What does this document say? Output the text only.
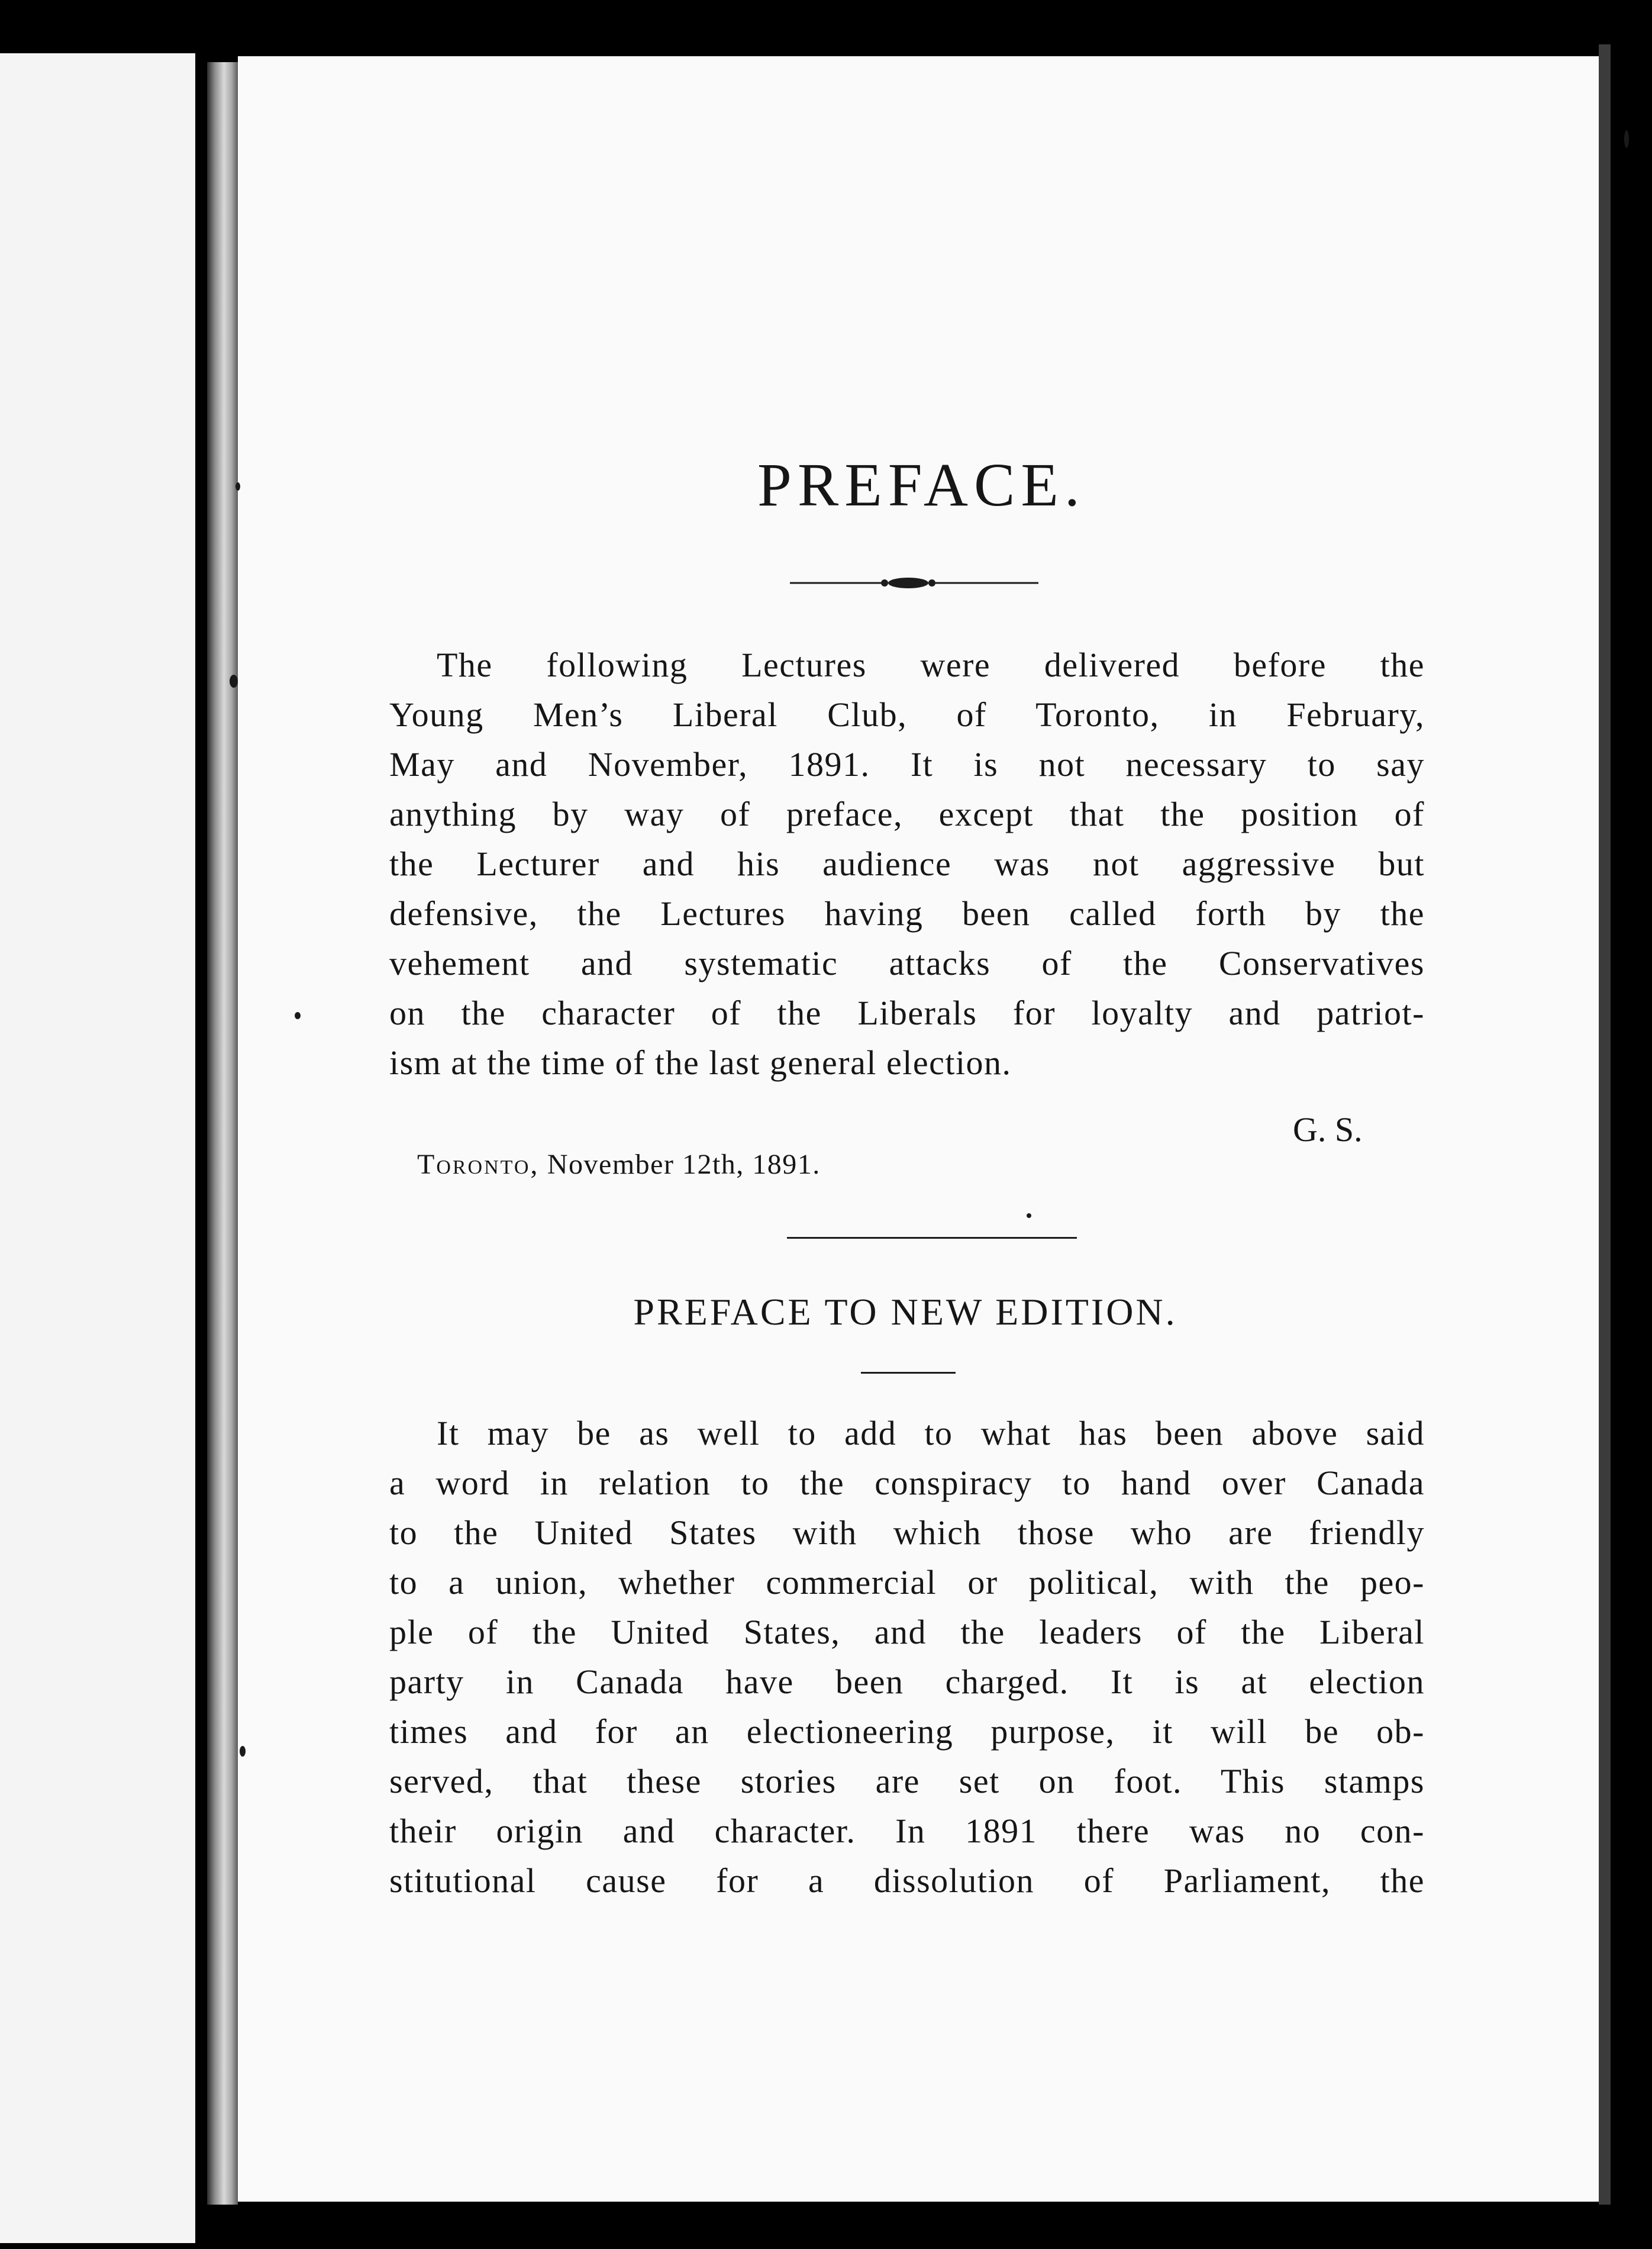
PREFACE.
The following Lectures were delivered before the
Young Men’s Liberal Club, of Toronto, in February,
May and November, 1891. It is not necessary to say
anything by way of preface, except that the position of
the Lecturer and his audience was not aggressive but
defensive, the Lectures having been called forth by the
vehement and systematic attacks of the Conservatives
on the character of the Liberals for loyalty and patriot-
ism at the time of the last general election.
G. S.
Toronto, November 12th, 1891.
PREFACE TO NEW EDITION.
It may be as well to add to what has been above said
a word in relation to the conspiracy to hand over Canada
to the United States with which those who are friendly
to a union, whether commercial or political, with the peo-
ple of the United States, and the leaders of the Liberal
party in Canada have been charged. It is at election
times and for an electioneering purpose, it will be ob-
served, that these stories are set on foot. This stamps
their origin and character. In 1891 there was no con-
stitutional cause for a dissolution of Parliament, the
